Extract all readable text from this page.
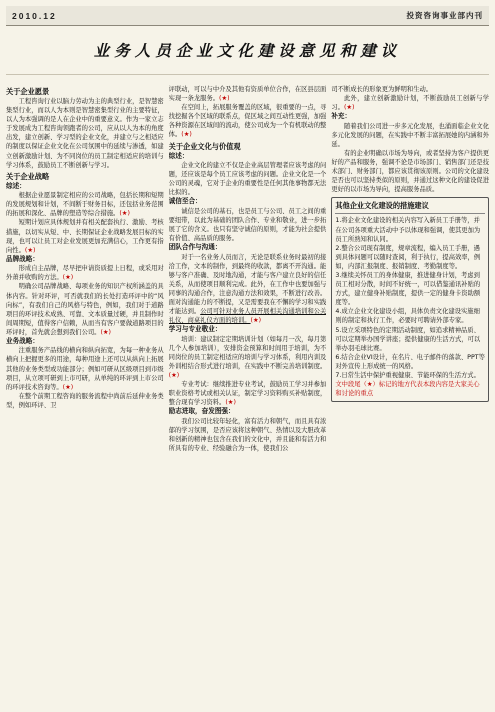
2010.12	投资咨询事业部内刊
业务人员企业文化建设意见和建议
关于企业愿景

工程咨询行业以脑力劳动为主的典型行业，是智慧密集型行业，而以人为本则是智慧密集型行业的主要特征，以人为本强调的是人在企业中的重要意义。作为一家立志于发展成为工程咨询领跑者的公司，应从以人为本的角度出发，建立创新、学习型的企业文化，并建立与之相适应的制度以保证企业文化在公司氛围中的延续与渗透，如建立创新激励计划、为不同岗位的员工制定相适应的培训与学习体系，鼓励员工不断创新与学习。

关于企业战略
综述：

根据企业愿景制定相应的公司战略，包括长期和短期的发展规划和计划，不间断于财务目标，还包括业务范围的拓展和深化、品牌的塑造等综合措施。(★)

短期计划应具体规划并有相关配套执行、激励、考核措施，以切实从短、中、长期保证企业战略发展目标的实现，也可以让员工对企业发展更加充满信心，工作更有指向性。(★)

品牌战略：

形成自主品牌，尽早把申请资质提上日程，或采用对外萧并收购的方法。(★)

明确公司品牌战略、每项业务的知识产权所涵盖的具体内容。针对环评，可否就我们的长处打造环评中的“风向标”，有我们自己的风格与特色，例如，我们对于道路项目的环评技术成熟、可靠、文本质量过硬，并且制作时间周期短，值得客户信赖，从而当有客户要做道路项目的环评时，首先就会想到我们公司。(★)

业务战略：

注重服务产品线的横向和纵向拓宽，为每一种业务从横向上把握更多的用途，每种用途上还可以从纵向上拓展其他的业务类型或功能部分；例如可研从区级项目到市级项目，从立项可研到上市可研，从单纯的环评到上市公司的环评技术咨询等。(★)

在整个前期工程咨询的服务流程中尚前后延伸业务类型，例如环评、卫

评联动，可以与中介及其他有资质单位合作，在区县层面实现一条龙服务。(★)

在空间上，拓展服务覆盖的区域，很重要的一点，寻找挖掘各个区域的联系点，促区域之间互动性更强，加强各种资源在区域间的流动，使公司成为一个有机联动的整体。(★)

关于企业文化与价值观
综述：

企业文化的建立不仅是企业高层管理者应该考虑的问题，还应该是每个员工应该考虑的问题。企业文化是一个公司的灵魂，它对于企业的重要性是任何其他事物都无法比拟的。

诚信至合：

诚信是公司的基石，也是员工与公司、员工之间的重要纽带，以此为基础的团队合作、专业和敬业，进一步拓展了它的含义。也只有坚守诚信的原则，才能为社会提供有价值、高品质的服务。

团队合作与沟通：

对于一名业务人员而言，无论是联系业务时最初的接洽工作，文本的制作，到最终的收款，都离不开沟通。能够与客户准确、及时地沟通，才能与客户建立良好的信任关系，从而使项目顺利完成。此外，在工作中也要加强与同事的沟通合作，注意沟通方法和效果，不断进行改善。面对沟通能力的不断提，又是需要我在不懈的学习和实践才能达到。公司可针对业务人员开展相关沟通培训和公关礼仪、商桌礼仪方面的培训。(★)

学习与专业敬业：

培训：建议制定定期培训计划（如每月一次，每月第几个人参加培训），安排资金预算和时间用于培训，为不同岗位的员工制定相适应的培训与学习体系，利用内训及外训相结合形式进行培训，在实践中不断完善培训制度。(★)

专业考试：继续推进专业考试，鼓励员工学习并参加职业资格考试或相关认证，制定学习资料购买补贴制度，整合现有学习资料。(★)

励志进取，奋发图强：

我们公司比较年轻化，富有活力和朝气，而且具有浓郁的学习氛围，是否应该将这种朝气、热情以及大胆改革和创新的精神也包含在我们的文化中，并且能和有活力和所具有的专业、经验融合为一体，使我们公

司不断成长的形象更为鲜明和生动。

此外，建立创新激励计划，不断鼓励员工创新与学习。(★)

补充：

随着我们公司进一步多元化发展，也涌面临企业文化多元化发展的问题，在实践中不断丰富拓展她的内涵和外延。

有的企业明确以市场为导向，或者坚持为客户提供更好的产品和服务，强调不论是市场部门、销售部门还是技术部门、财务部门，都应该贯彻该原则。公司的文化建设是否也可以坚持类似的原则，并通过这种文化的建设促进更好的以市场为导向，提高服务品质。

其他企业文化建设的措施建议
1.将企业文化建设的相关内容写入新员工手册等，并在公司各项重大活动中予以体现和强调，使其更加为员工所熟知和认同。
2.整合公司现有制度，规章流程，编入员工手册，遇到具体问题可以随时查阅，利于执行，提高效率，例如，内部汇报制度、报销制度、考勤制度等。
3.继续关怀员工的身体健康，推进健身计划，考虑到员工相对分散，时间不好统一，可以借鉴通讯补贴的方式，建立健身补贴制度，提供一定的健身卡资助额度等。
4.成立企业文化建设小组，具体负责文化建设实施细则的制定和执行工作，必要时可聘请外部专家。
5.设立采项特色的定期活动制度，如追求精神品质、可以定期举办国学讲座；提供健康的生活方式，可以举办羽毛球比赛。
6.结合企业VI设计，在名片、电子邮件的落款、PPT等对外宣传上形成统一的风格。
7.日常生活中保护重视健康、节能环保的生活方式。
文中段尾（★）标记的地方代表本段内容是大家关心和讨论的重点
